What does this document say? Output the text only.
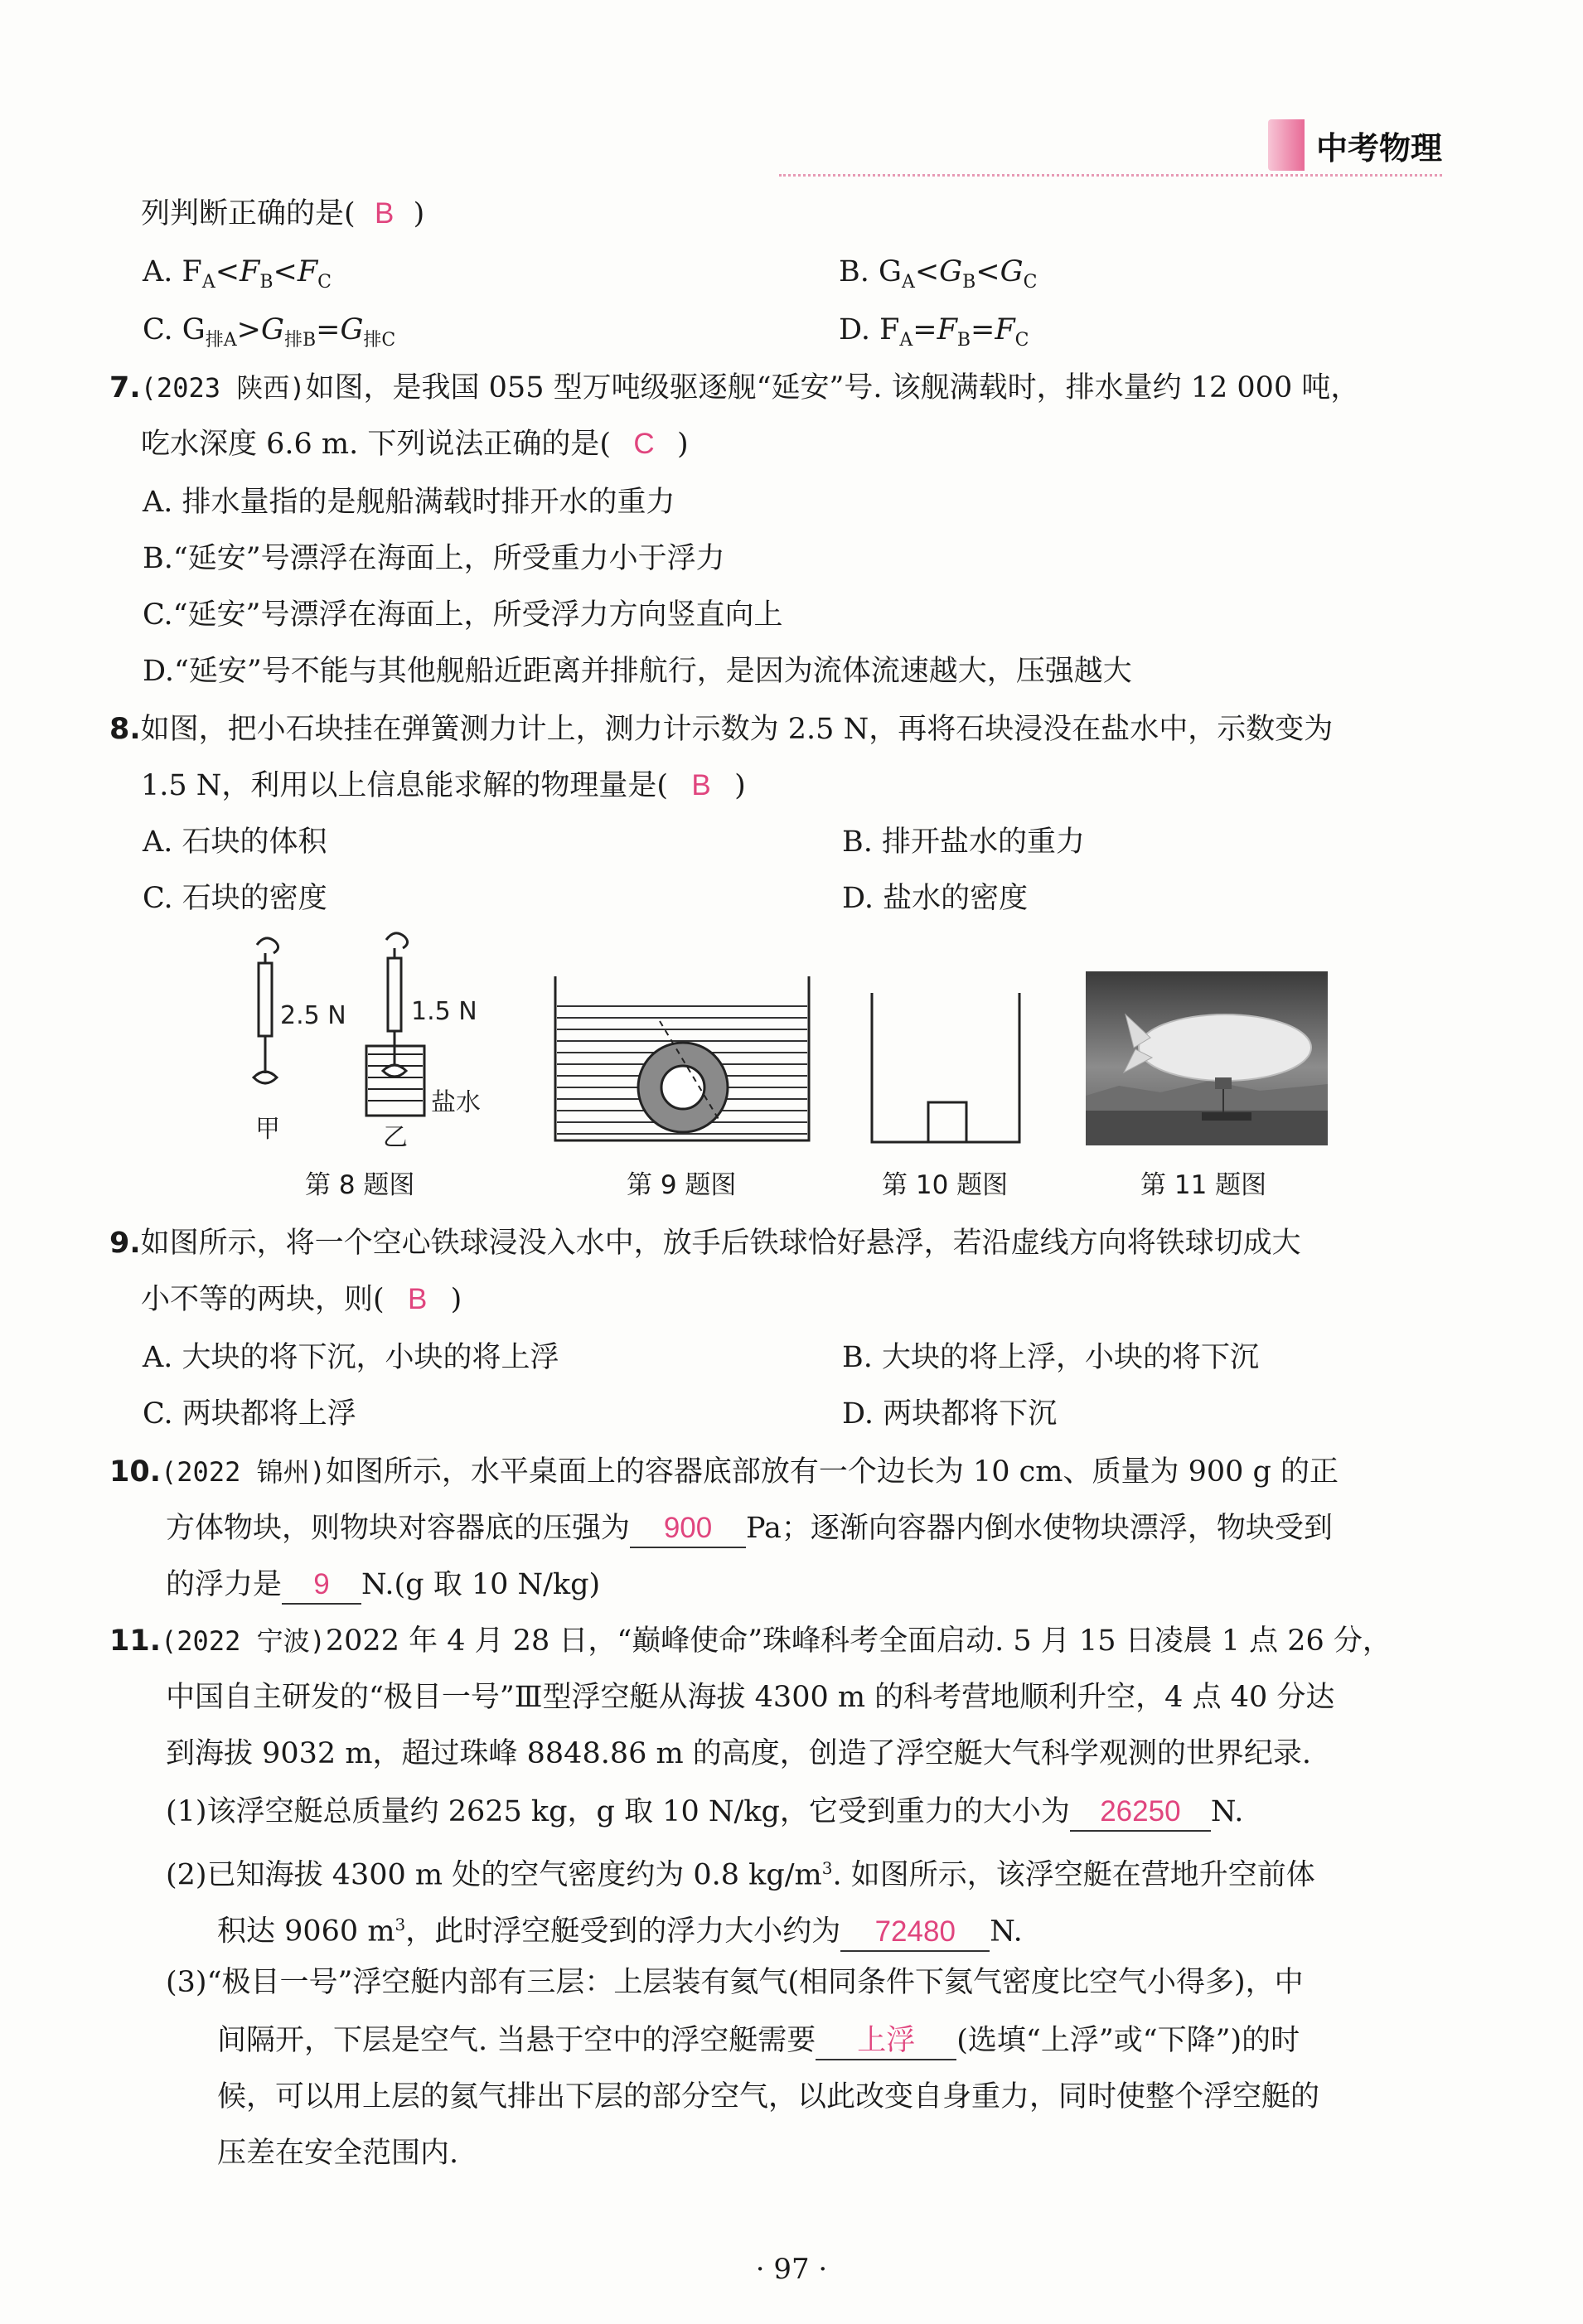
中考物理
列判断正确的是( B )
A. $F_A<F_B<F_C$	B. $G_A<G_B<G_C$
C. $G_{排A}>G_{排B}=G_{排C}$	D. $F_A=F_B=F_C$
7.(2023 陕西)如图，是我国 055 型万吨级驱逐舰“延安”号. 该舰满载时，排水量约 12 000 吨，
吃水深度 6.6 m. 下列说法正确的是( C )
A. 排水量指的是舰船满载时排开水的重力
B.“延安”号漂浮在海面上，所受重力小于浮力
C.“延安”号漂浮在海面上，所受浮力方向竖直向上
D.“延安”号不能与其他舰船近距离并排航行，是因为流体流速越大，压强越大
8.如图，把小石块挂在弹簧测力计上，测力计示数为 2.5 N，再将石块浸没在盐水中，示数变为
1.5 N，利用以上信息能求解的物理量是( B )
A. 石块的体积	B. 排开盐水的重力
C. 石块的密度	D. 盐水的密度
2.5 N
甲
1.5 N
盐水
乙
第 8 题图	第 9 题图	第 10 题图	第 11 题图
9.如图所示，将一个空心铁球浸没入水中，放手后铁球恰好悬浮，若沿虚线方向将铁球切成大
小不等的两块，则( B )
A. 大块的将下沉，小块的将上浮	B. 大块的将上浮，小块的将下沉
C. 两块都将上浮	D. 两块都将下沉
10.(2022 锦州)如图所示，水平桌面上的容器底部放有一个边长为 10 cm、质量为 900 g 的正
方体物块，则物块对容器底的压强为 900 Pa；逐渐向容器内倒水使物块漂浮，物块受到
的浮力是 9 N.(g 取 10 N/kg)
11.(2022 宁波)2022 年 4 月 28 日，“巅峰使命”珠峰科考全面启动. 5 月 15 日凌晨 1 点 26 分，
中国自主研发的“极目一号”Ⅲ型浮空艇从海拔 4300 m 的科考营地顺利升空，4 点 40 分达
到海拔 9032 m，超过珠峰 8848.86 m 的高度，创造了浮空艇大气科学观测的世界纪录.
(1)该浮空艇总质量约 2625 kg，g 取 10 N/kg，它受到重力的大小为 26250 N.
(2)已知海拔 4300 m 处的空气密度约为 0.8 $kg/m^3$. 如图所示，该浮空艇在营地升空前体
积达 9060 $m^3$，此时浮空艇受到的浮力大小约为 72480 N.
(3)“极目一号”浮空艇内部有三层：上层装有氦气(相同条件下氦气密度比空气小得多)，中
间隔开，下层是空气. 当悬于空中的浮空艇需要 上浮 (选填“上浮”或“下降”)的时
候，可以用上层的氦气排出下层的部分空气，以此改变自身重力，同时使整个浮空艇的
压差在安全范围内.
· 97 ·
